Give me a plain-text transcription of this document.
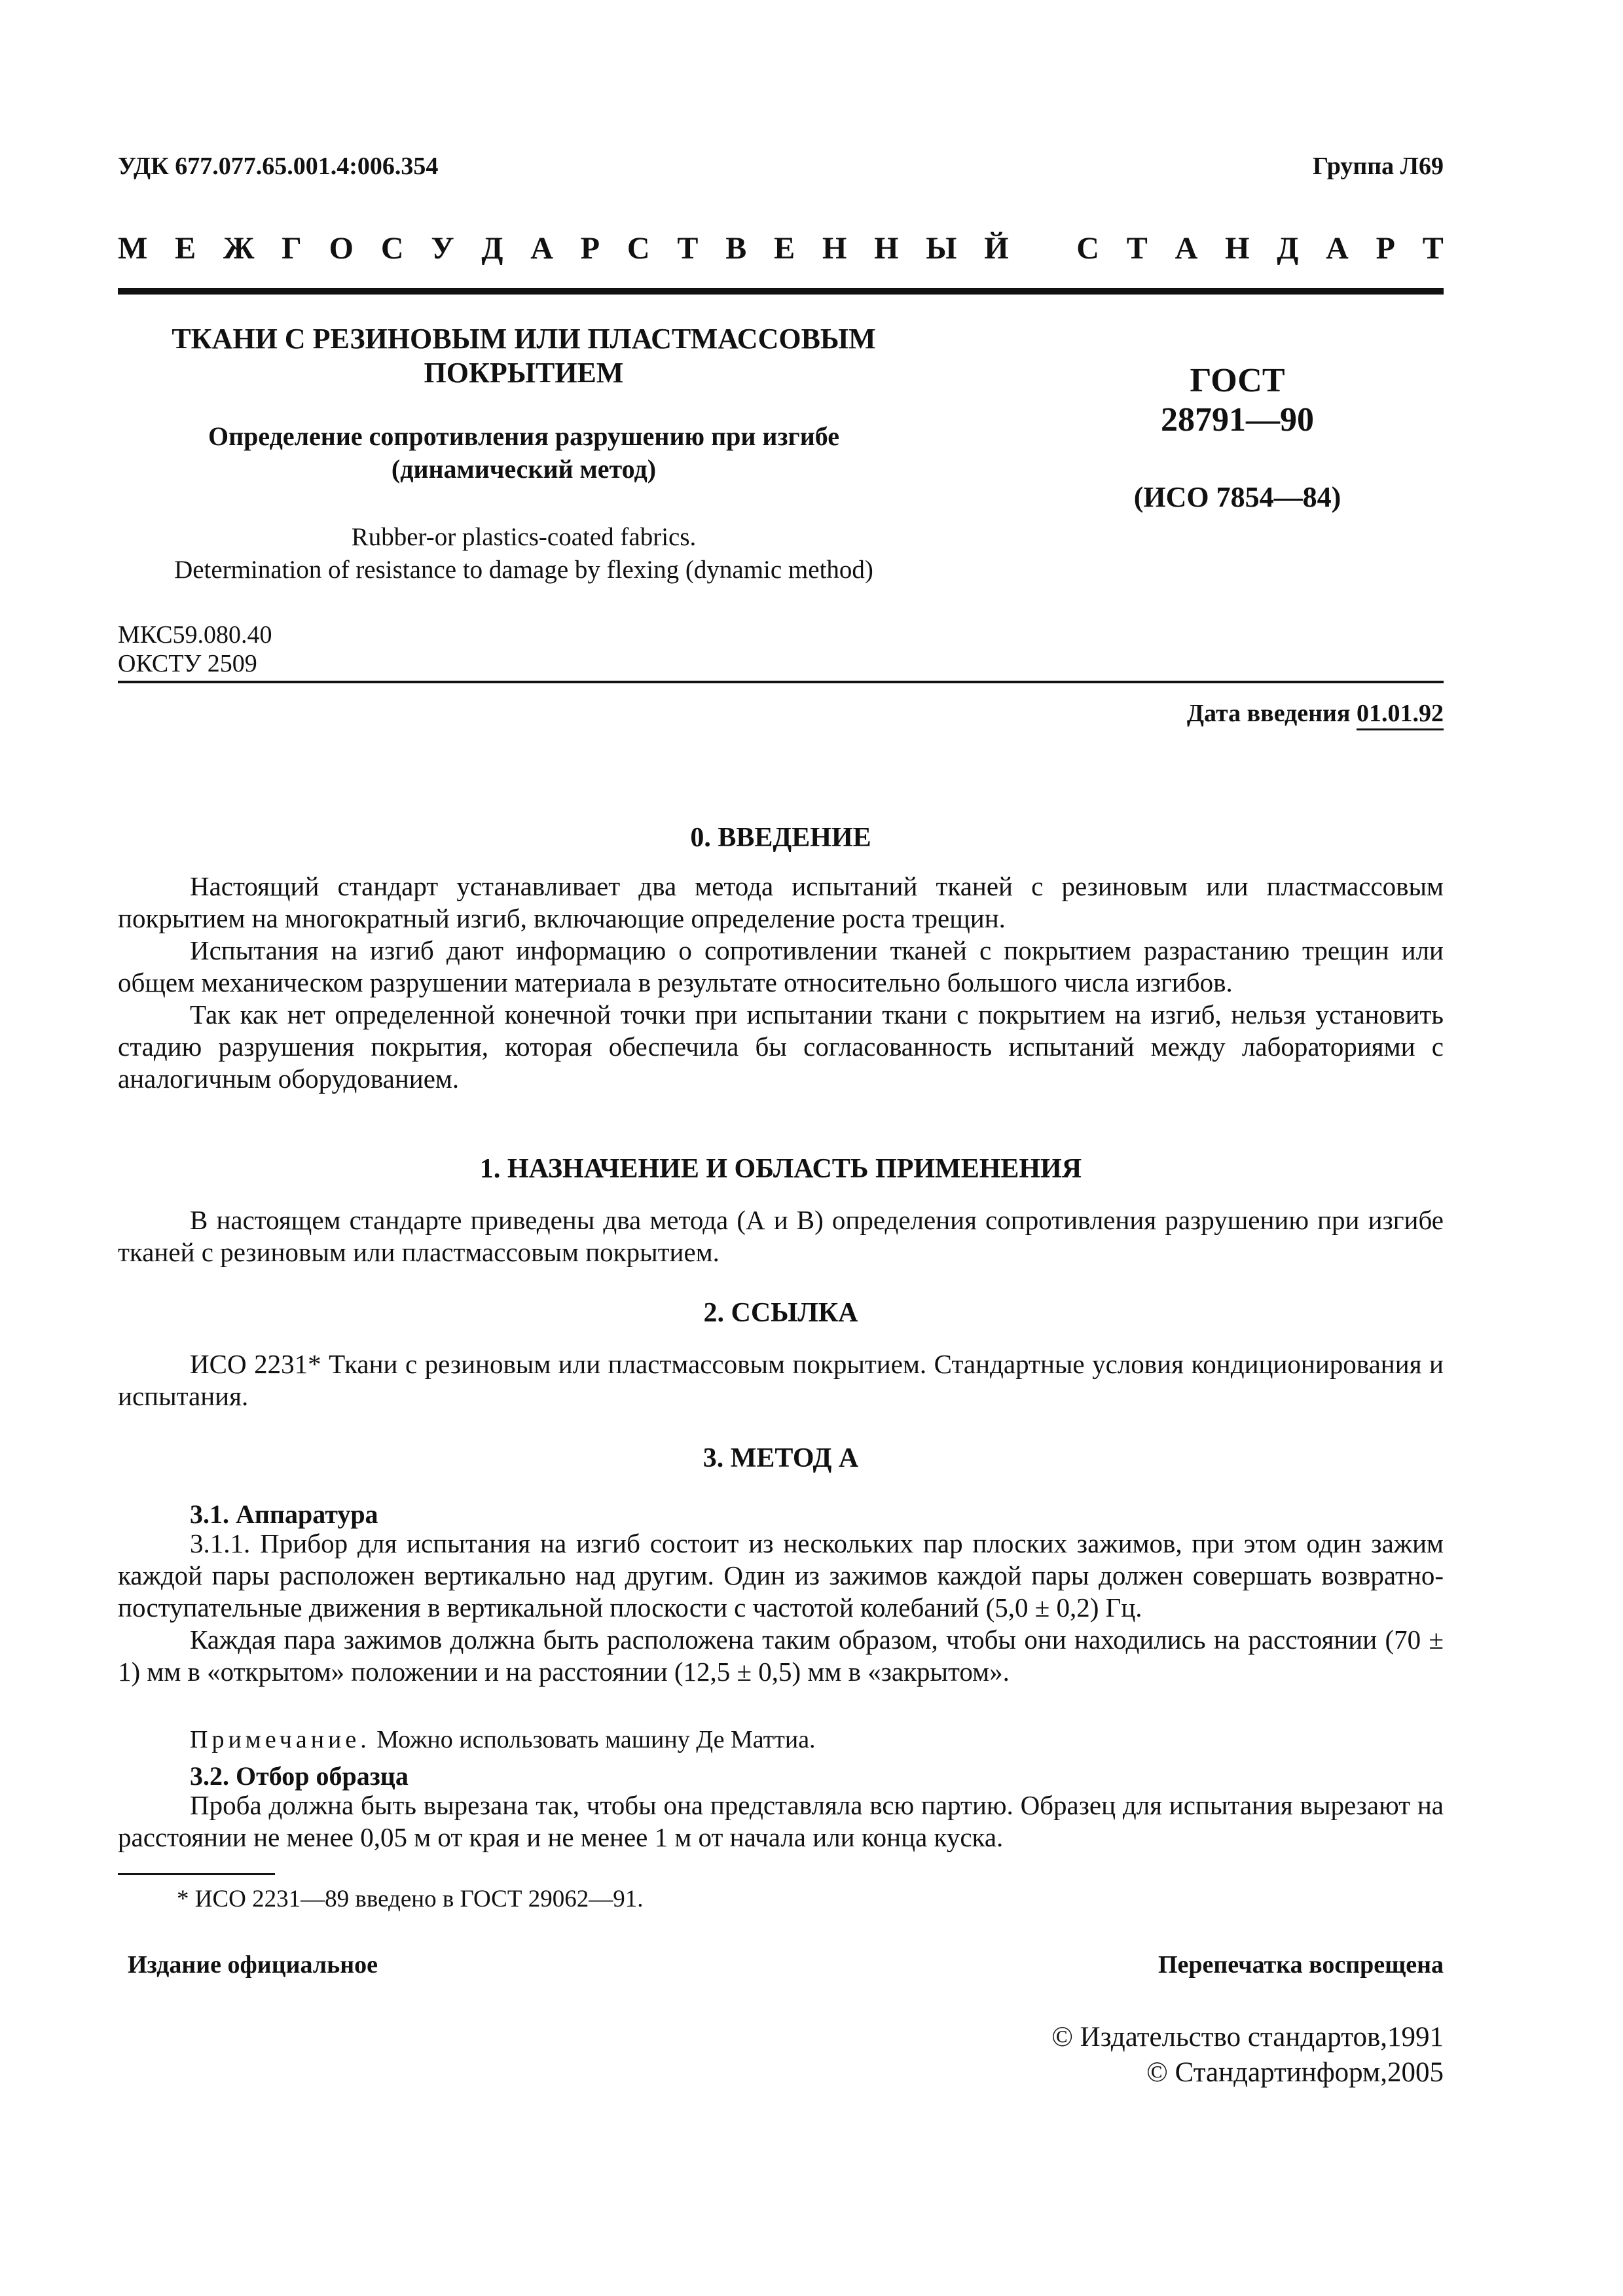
УДК 677.077.65.001.4:006.354	Группа Л69
М Е Ж Г О С У Д А Р С Т В Е Н Н Ы Й С Т А Н Д А Р Т
ТКАНИ С РЕЗИНОВЫМ ИЛИ ПЛАСТМАССОВЫМ
ПОКРЫТИЕМ
Определение сопротивления разрушению при изгибе
(динамический метод)
Rubber-or plastics-coated fabrics.
Determination of resistance to damage by flexing (dynamic method)
ГОСТ
28791—90
(ИСО 7854—84)
МКС59.080.40
ОКСТУ 2509
Дата введения 01.01.92
0. ВВЕДЕНИЕ

Настоящий стандарт устанавливает два метода испытаний тканей с резиновым или пластмассовым покрытием на многократный изгиб, включающие определение роста трещин.

Испытания на изгиб дают информацию о сопротивлении тканей с покрытием разрастанию трещин или общем механическом разрушении материала в результате относительно большого числа изгибов.

Так как нет определенной конечной точки при испытании ткани с покрытием на изгиб, нельзя установить стадию разрушения покрытия, которая обеспечила бы согласованность испытаний между лабораториями с аналогичным оборудованием.

1. НАЗНАЧЕНИЕ И ОБЛАСТЬ ПРИМЕНЕНИЯ

В настоящем стандарте приведены два метода (А и В) определения сопротивления разрушению при изгибе тканей с резиновым или пластмассовым покрытием.

2. ССЫЛКА

ИСО 2231* Ткани с резиновым или пластмассовым покрытием. Стандартные условия кондиционирования и испытания.

3. МЕТОД А
3.1. Аппаратура

3.1.1. Прибор для испытания на изгиб состоит из нескольких пар плоских зажимов, при этом один зажим каждой пары расположен вертикально над другим. Один из зажимов каждой пары должен совершать возвратно-поступательные движения в вертикальной плоскости с частотой колебаний (5,0 ± 0,2) Гц.

Каждая пара зажимов должна быть расположена таким образом, чтобы они находились на расстоянии (70 ± 1) мм в «открытом» положении и на расстоянии (12,5 ± 0,5) мм в «закрытом».

Примечание. Можно использовать машину Де Маттиа.
3.2. Отбор образца

Проба должна быть вырезана так, чтобы она представляла всю партию. Образец для испытания вырезают на расстоянии не менее 0,05 м от края и не менее 1 м от начала или конца куска.

* ИСО 2231—89 введено в ГОСТ 29062—91.
Издание официальное	Перепечатка воспрещена
© Издательство стандартов,1991
© Стандартинформ,2005
